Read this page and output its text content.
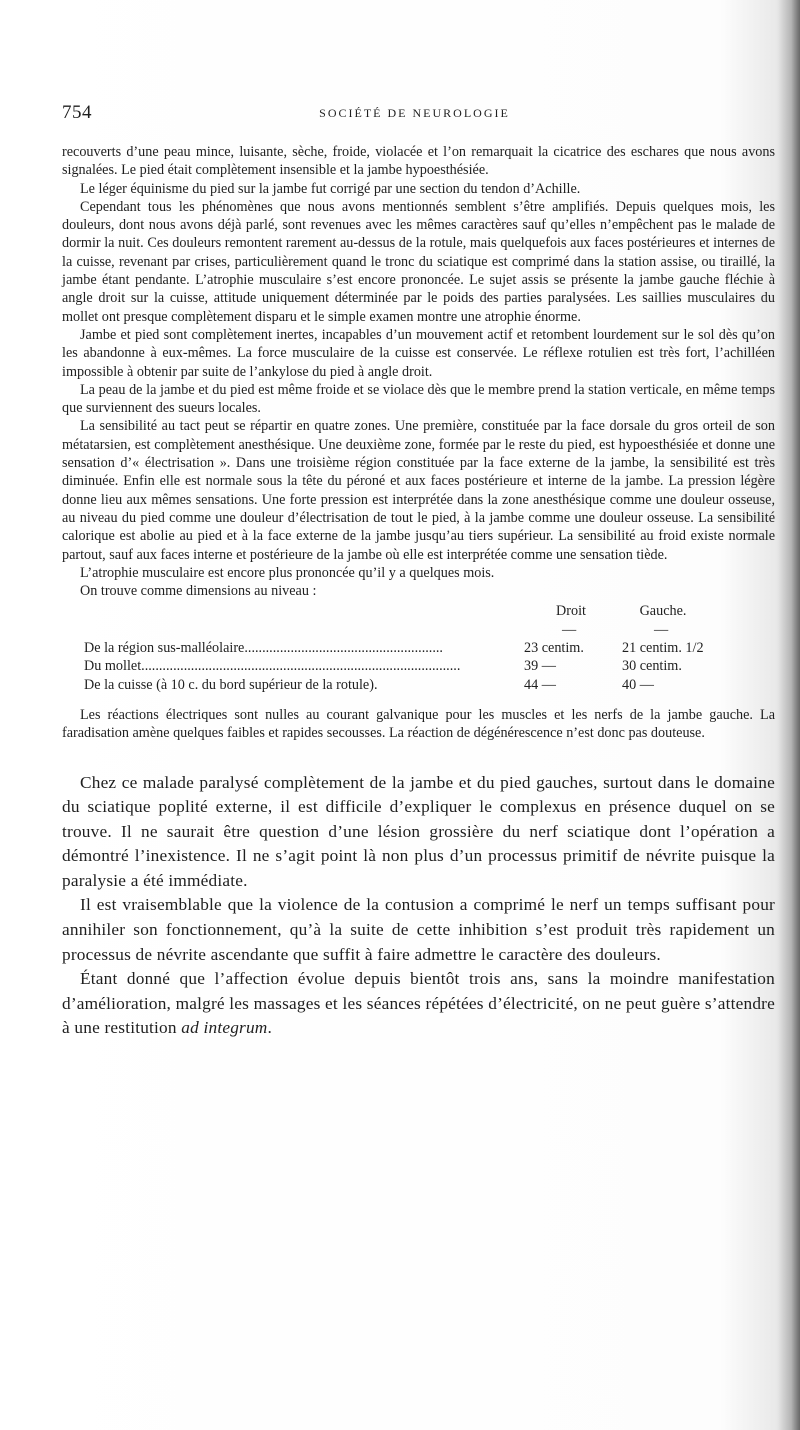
754	SOCIÉTÉ DE NEUROLOGIE

recouverts d’une peau mince, luisante, sèche, froide, violacée et l’on remarquait la cicatrice des eschares que nous avons signalées. Le pied était complètement insensible et la jambe hypoesthésiée.

Le léger équinisme du pied sur la jambe fut corrigé par une section du tendon d’Achille.

Cependant tous les phénomènes que nous avons mentionnés semblent s’être amplifiés. Depuis quelques mois, les douleurs, dont nous avons déjà parlé, sont revenues avec les mêmes caractères sauf qu’elles n’empêchent pas le malade de dormir la nuit. Ces douleurs remontent rarement au-dessus de la rotule, mais quelquefois aux faces postérieures et internes de la cuisse, revenant par crises, particulièrement quand le tronc du sciatique est comprimé dans la station assise, ou tiraillé, la jambe étant pendante. L’atrophie musculaire s’est encore prononcée. Le sujet assis se présente la jambe gauche fléchie à angle droit sur la cuisse, attitude uniquement déterminée par le poids des parties paralysées. Les saillies musculaires du mollet ont presque complètement disparu et le simple examen montre une atrophie énorme.

Jambe et pied sont complètement inertes, incapables d’un mouvement actif et retombent lourdement sur le sol dès qu’on les abandonne à eux-mêmes. La force musculaire de la cuisse est conservée. Le réflexe rotulien est très fort, l’achilléen impossible à obtenir par suite de l’ankylose du pied à angle droit.

La peau de la jambe et du pied est même froide et se violace dès que le membre prend la station verticale, en même temps que surviennent des sueurs locales.

La sensibilité au tact peut se répartir en quatre zones. Une première, constituée par la face dorsale du gros orteil de son métatarsien, est complètement anesthésique. Une deuxième zone, formée par le reste du pied, est hypoesthésiée et donne une sensation d’« électrisation ». Dans une troisième région constituée par la face externe de la jambe, la sensibilité est très diminuée. Enfin elle est normale sous la tête du péroné et aux faces postérieure et interne de la jambe. La pression légère donne lieu aux mêmes sensations. Une forte pression est interprétée dans la zone anesthésique comme une douleur osseuse, au niveau du pied comme une douleur d’électrisation de tout le pied, à la jambe comme une douleur osseuse. La sensibilité calorique est abolie au pied et à la face externe de la jambe jusqu’au tiers supérieur. La sensibilité au froid existe normale partout, sauf aux faces interne et postérieure de la jambe où elle est interprétée comme une sensation tiède.

L’atrophie musculaire est encore plus prononcée qu’il y a quelques mois.

On trouve comme dimensions au niveau :

Droit	Gauche.
—	—
De la région sus-malléolaire........................................................	23 centim.	21 centim. 1/2
Du mollet..........................................................................................	39 —	30 centim.
De la cuisse (à 10 c. du bord supérieur de la rotule).	44 —	40 —

Les réactions électriques sont nulles au courant galvanique pour les muscles et les nerfs de la jambe gauche. La faradisation amène quelques faibles et rapides secousses. La réaction de dégénérescence n’est donc pas douteuse.

Chez ce malade paralysé complètement de la jambe et du pied gauches, surtout dans le domaine du sciatique poplité externe, il est difficile d’expliquer le complexus en présence duquel on se trouve. Il ne saurait être question d’une lésion grossière du nerf sciatique dont l’opération a démontré l’inexistence. Il ne s’agit point là non plus d’un processus primitif de névrite puisque la paralysie a été immédiate.

Il est vraisemblable que la violence de la contusion a comprimé le nerf un temps suffisant pour annihiler son fonctionnement, qu’à la suite de cette inhibition s’est produit très rapidement un processus de névrite ascendante que suffit à faire admettre le caractère des douleurs.

Étant donné que l’affection évolue depuis bientôt trois ans, sans la moindre manifestation d’amélioration, malgré les massages et les séances répétées d’électricité, on ne peut guère s’attendre à une restitution ad integrum.
